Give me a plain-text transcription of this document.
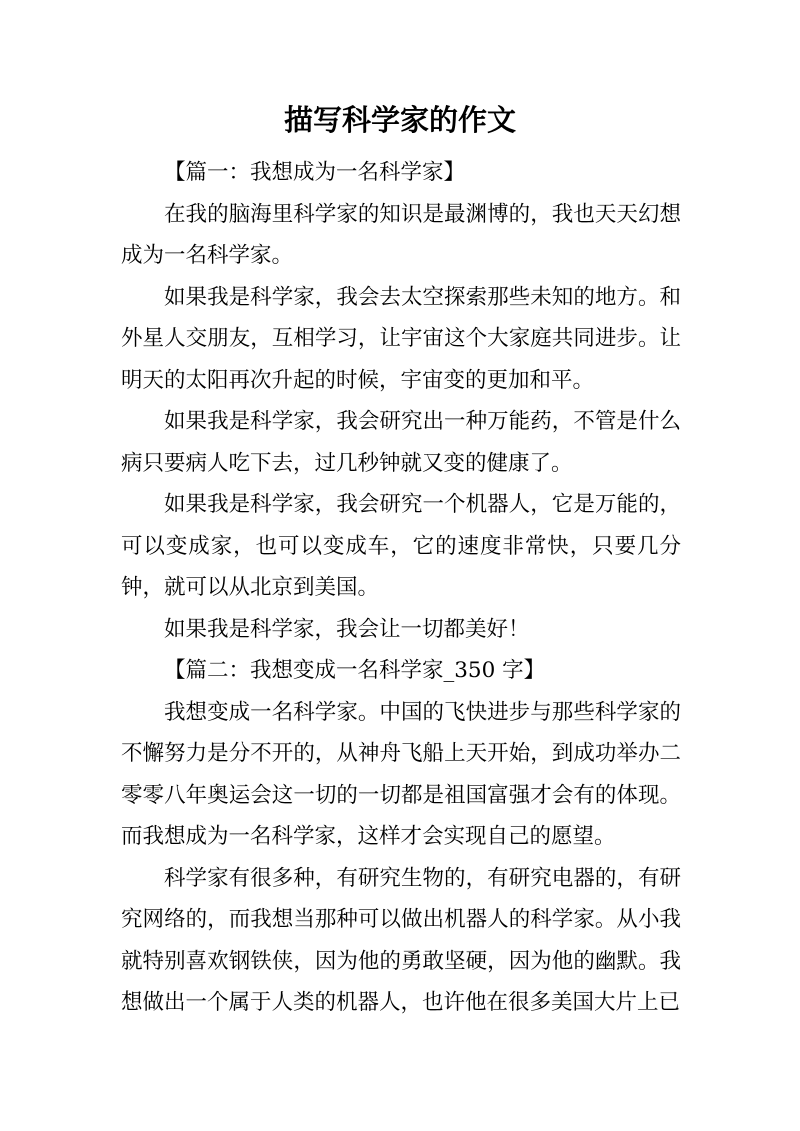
描写科学家的作文

【篇一：我想成为一名科学家】

在我的脑海里科学家的知识是最渊博的，我也天天幻想成为一名科学家。

如果我是科学家，我会去太空探索那些未知的地方。和外星人交朋友，互相学习，让宇宙这个大家庭共同进步。让明天的太阳再次升起的时候，宇宙变的更加和平。

如果我是科学家，我会研究出一种万能药，不管是什么病只要病人吃下去，过几秒钟就又变的健康了。

如果我是科学家，我会研究一个机器人，它是万能的，可以变成家，也可以变成车，它的速度非常快，只要几分钟，就可以从北京到美国。

如果我是科学家，我会让一切都美好！

【篇二：我想变成一名科学家_350 字】

我想变成一名科学家。中国的飞快进步与那些科学家的不懈努力是分不开的，从神舟飞船上天开始，到成功举办二零零八年奥运会这一切的一切都是祖国富强才会有的体现。而我想成为一名科学家，这样才会实现自己的愿望。

科学家有很多种，有研究生物的，有研究电器的，有研究网络的，而我想当那种可以做出机器人的科学家。从小我就特别喜欢钢铁侠，因为他的勇敢坚硬，因为他的幽默。我想做出一个属于人类的机器人，也许他在很多美国大片上已
